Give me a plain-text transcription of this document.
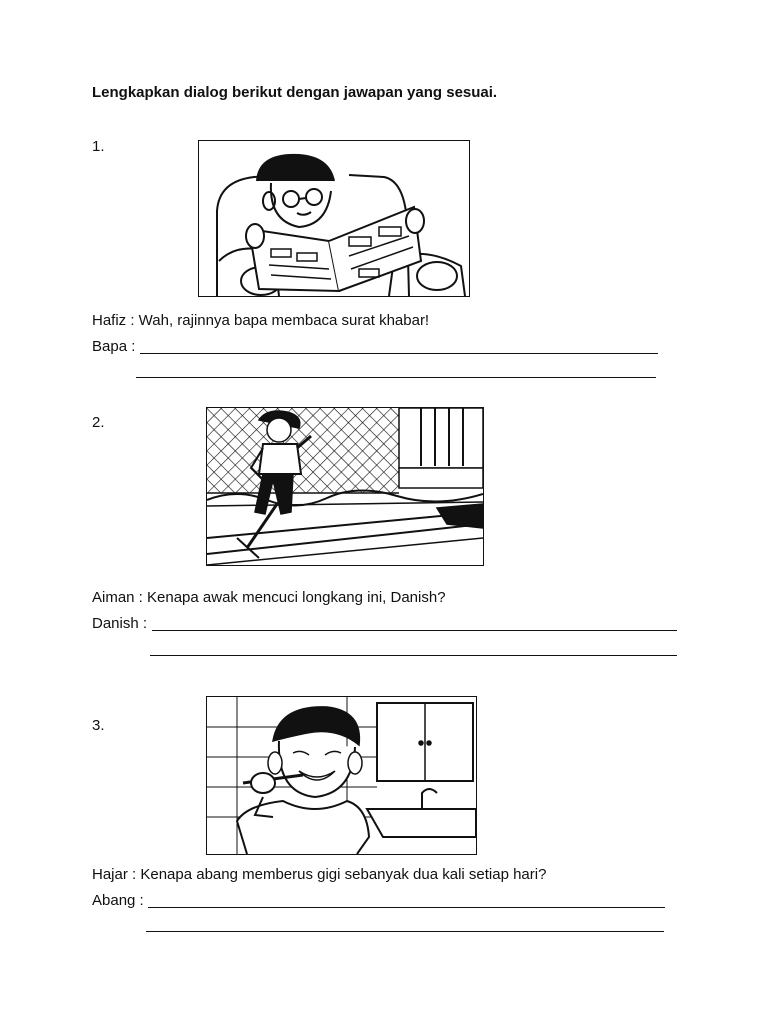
Lengkapkan dialog berikut dengan jawapan yang sesuai.
1.
Hafiz : Wah, rajinnya bapa membaca surat khabar!
Bapa :
2.
Aiman : Kenapa awak mencuci longkang ini, Danish?
Danish :
3.
Hajar : Kenapa abang memberus gigi sebanyak dua kali setiap hari?
Abang :
